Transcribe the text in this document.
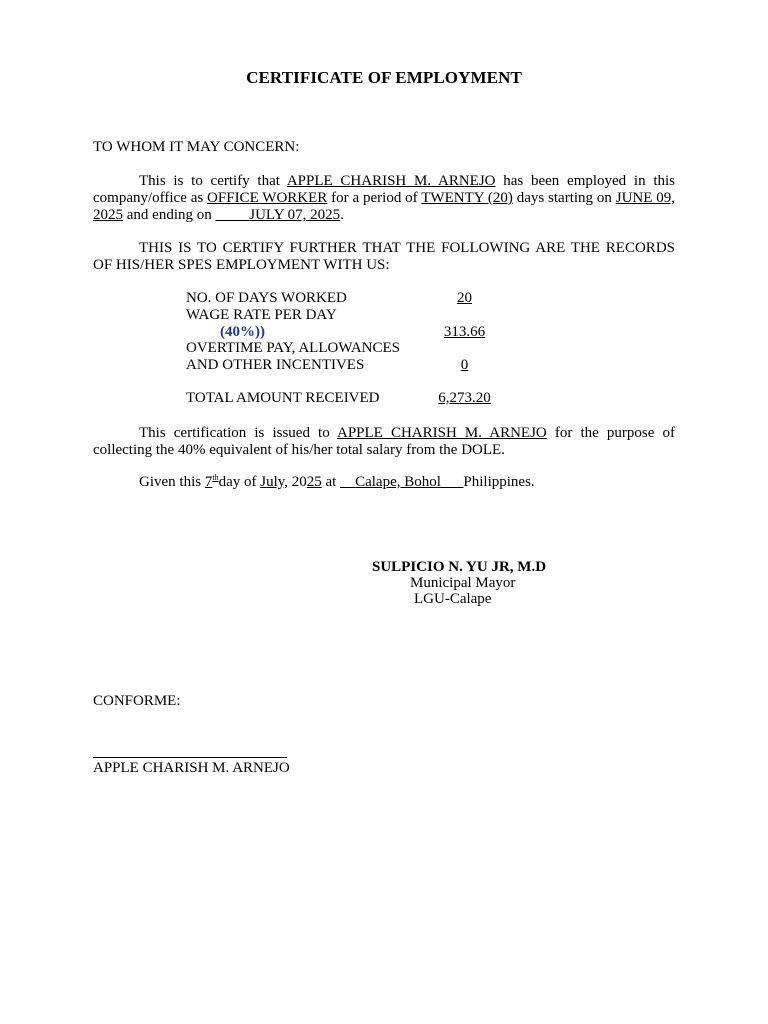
CERTIFICATE OF EMPLOYMENT
TO WHOM IT MAY CONCERN:
This is to certify that APPLE CHARISH M. ARNEJO has been employed in this company/office as OFFICE WORKER for a period of TWENTY (20) days starting on JUNE 09, 2025 and ending on          JULY 07, 2025.
THIS IS TO CERTIFY FURTHER THAT THE FOLLOWING ARE THE RECORDS OF HIS/HER SPES EMPLOYMENT WITH US:
NO. OF DAYS WORKED	20
WAGE RATE PER DAY
(40%))	313.66
OVERTIME PAY, ALLOWANCES
AND OTHER INCENTIVES	0
TOTAL AMOUNT RECEIVED	6,273.20
This certification is issued to APPLE CHARISH M. ARNEJO for the purpose of collecting the 40% equivalent of his/her total salary from the DOLE.
Given this 7thday of July, 2025 at     Calape, Bohol Philippines.
SULPICIO N. YU JR, M.D
Municipal Mayor
LGU-Calape
CONFORME:
APPLE CHARISH M. ARNEJO
